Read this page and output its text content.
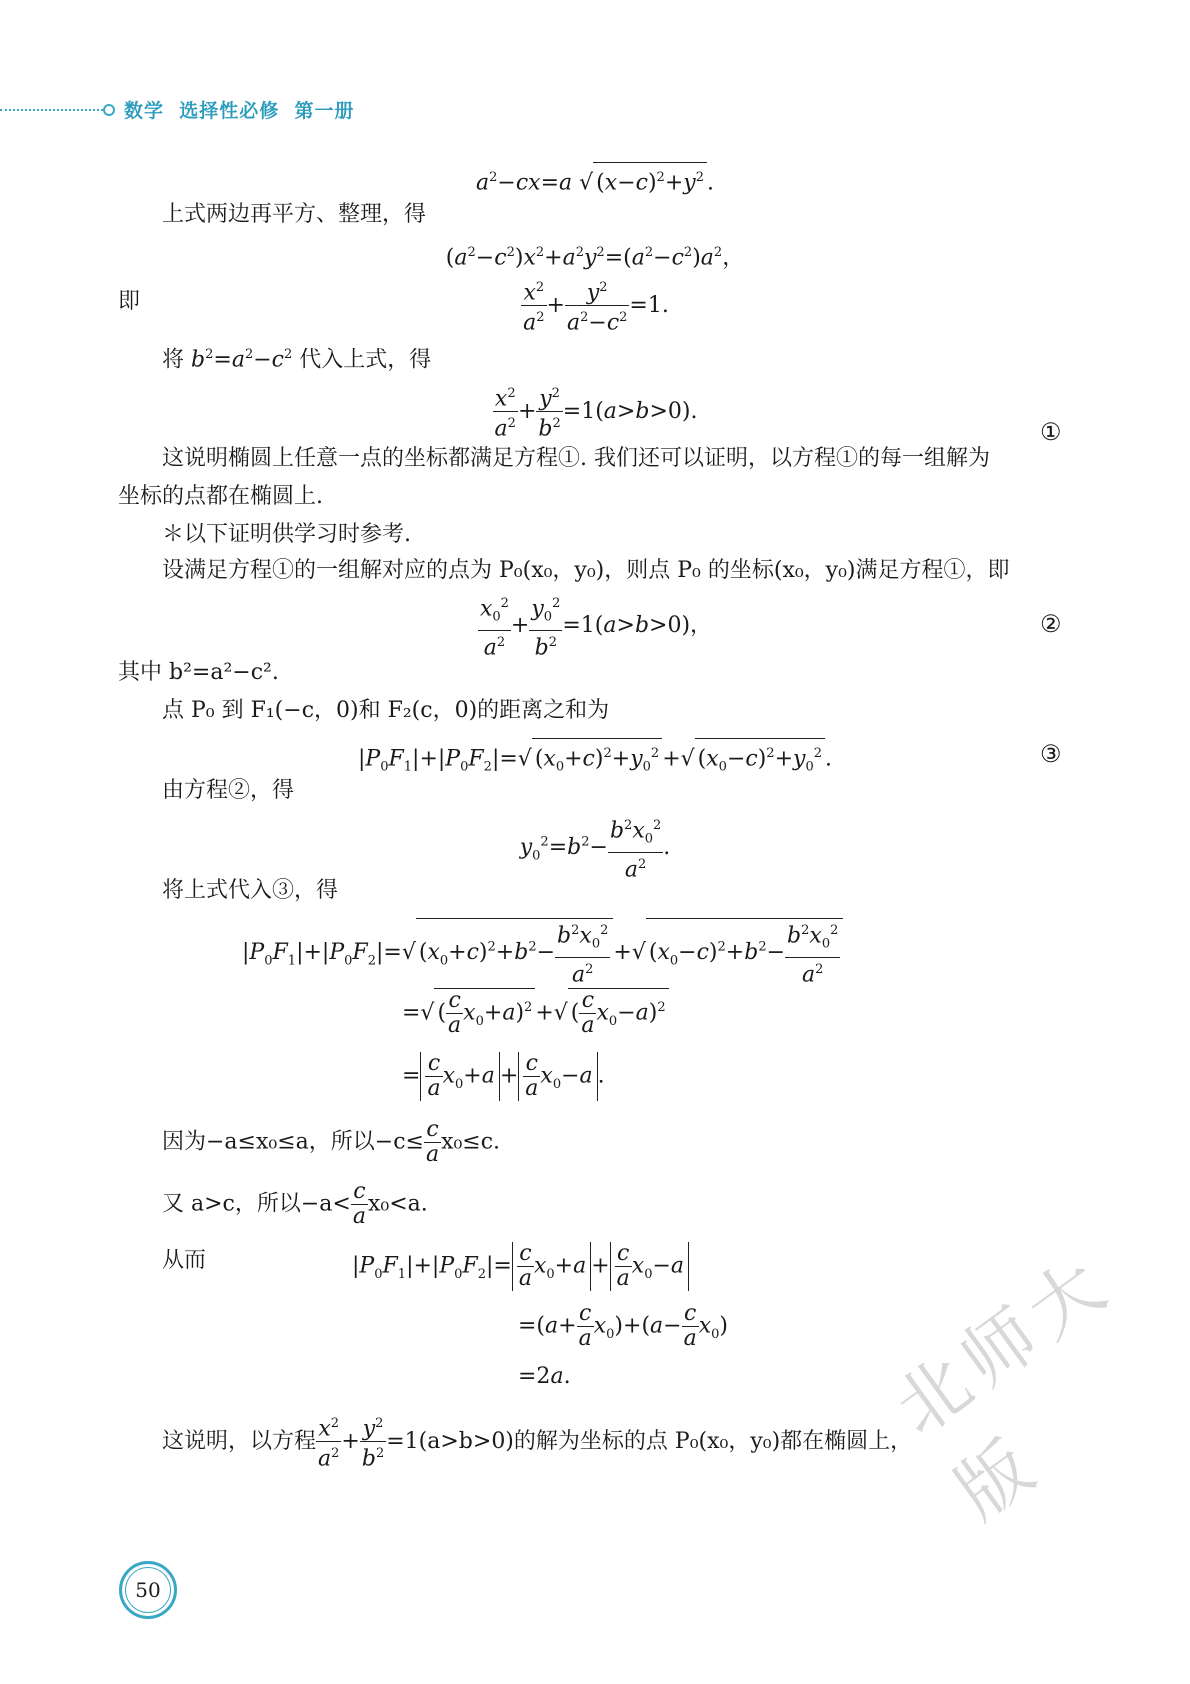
数学  选择性必修  第一册
$a^2-cx=a$ √ $(x-c)^2+y^2$ .
上式两边再平方、整理，得
$(a^2-c^2)x^2+a^2y^2=(a^2-c^2)a^2$，
即	$\frac{x^2}{a^2} + \frac{y^2}{a^2-c^2} =1$.
将 $b^2=a^2-c^2$ 代入上式，得
$\frac{x^2}{a^2} + \frac{y^2}{b^2} =1(a>b>0)$.
①
这说明椭圆上任意一点的坐标都满足方程①. 我们还可以证明，以方程①的每一组解为
坐标的点都在椭圆上.
＊以下证明供学习时参考.
设满足方程①的一组解对应的点为 P₀(x₀，y₀)，则点 P₀ 的坐标(x₀，y₀)满足方程①，即
$\frac{x_0^2}{a^2} + \frac{y_0^2}{b^2} =1(a>b>0)$，	②
其中 b²=a²−c².
点 P₀ 到 F₁(−c，0)和 F₂(c，0)的距离之和为
$|P_0F_1|+|P_0F_2|=√$ $(x_0+c)^2+y_0^2$ +√ $(x_0-c)^2+y_0^2$ .	③
由方程②，得
$y_0^2=b^2- \frac{b^2x_0^2}{a^2}$ .
将上式代入③，得
$|P_0F_1|+|P_0F_2|=√$ $(x_0+c)^2+b^2- \frac{b^2x_0^2}{a^2}$ +√ $(x_0-c)^2+b^2- \frac{b^2x_0^2}{a^2}$
=√ ( $\frac{c}{a} x_0+a)^2$ +√ ( $\frac{c}{a} x_0-a)^2$
= $\frac{c}{a} x_0+a + \frac{c}{a} x_0-a$ .
因为−a≤x₀≤a，所以$-c\le \frac{c}{a} x_0\le c$.
又 a>c，所以$-a< \frac{c}{a} x_0<a$.
从而	$|P_0F_1|+|P_0F_2|= \frac{c}{a} x_0+a + \frac{c}{a} x_0-a$
$=(a+ \frac{c}{a} x_0)+(a- \frac{c}{a} x_0)$
=2a.
这说明，以方程 $\frac{x^2}{a^2} + \frac{y^2}{b^2} =1(a>b>0)$的解为坐标的点 P₀(x₀，y₀)都在椭圆上，
50
北师大版
